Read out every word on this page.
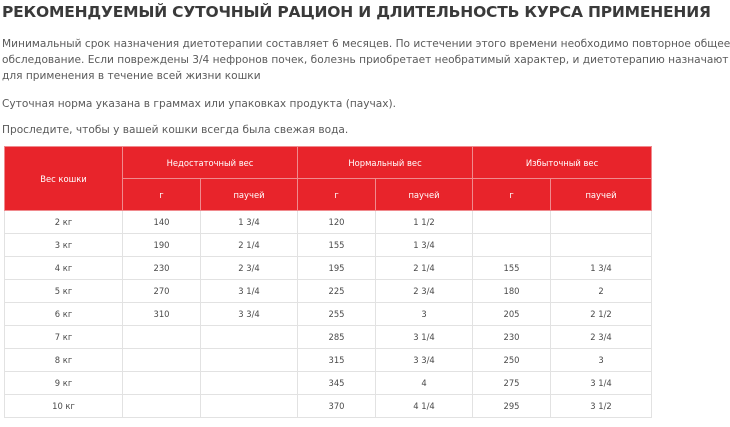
РЕКОМЕНДУЕМЫЙ СУТОЧНЫЙ РАЦИОН И ДЛИТЕЛЬНОСТЬ КУРСА ПРИМЕНЕНИЯ
Минимальный срок назначения диетотерапии составляет 6 месяцев. По истечении этого времени необходимо повторное общее
обследование. Если повреждены 3/4 нефронов почек, болезнь приобретает необратимый характер, и диетотерапию назначают
для применения в течение всей жизни кошки
Суточная норма указана в граммах или упаковках продукта (паучах).
Проследите, чтобы у вашей кошки всегда была свежая вода.
Вес кошки	Недостаточный вес		Нормальный вес		Избыточный вес	
	г	паучей	г	паучей	г	паучей
2 кг	140	1 3/4	120	1 1/2		
3 кг	190	2 1/4	155	1 3/4		
4 кг	230	2 3/4	195	2 1/4	155	1 3/4
5 кг	270	3 1/4	225	2 3/4	180	2
6 кг	310	3 3/4	255	3	205	2 1/2
7 кг			285	3 1/4	230	2 3/4
8 кг			315	3 3/4	250	3
9 кг			345	4	275	3 1/4
10 кг			370	4 1/4	295	3 1/2
